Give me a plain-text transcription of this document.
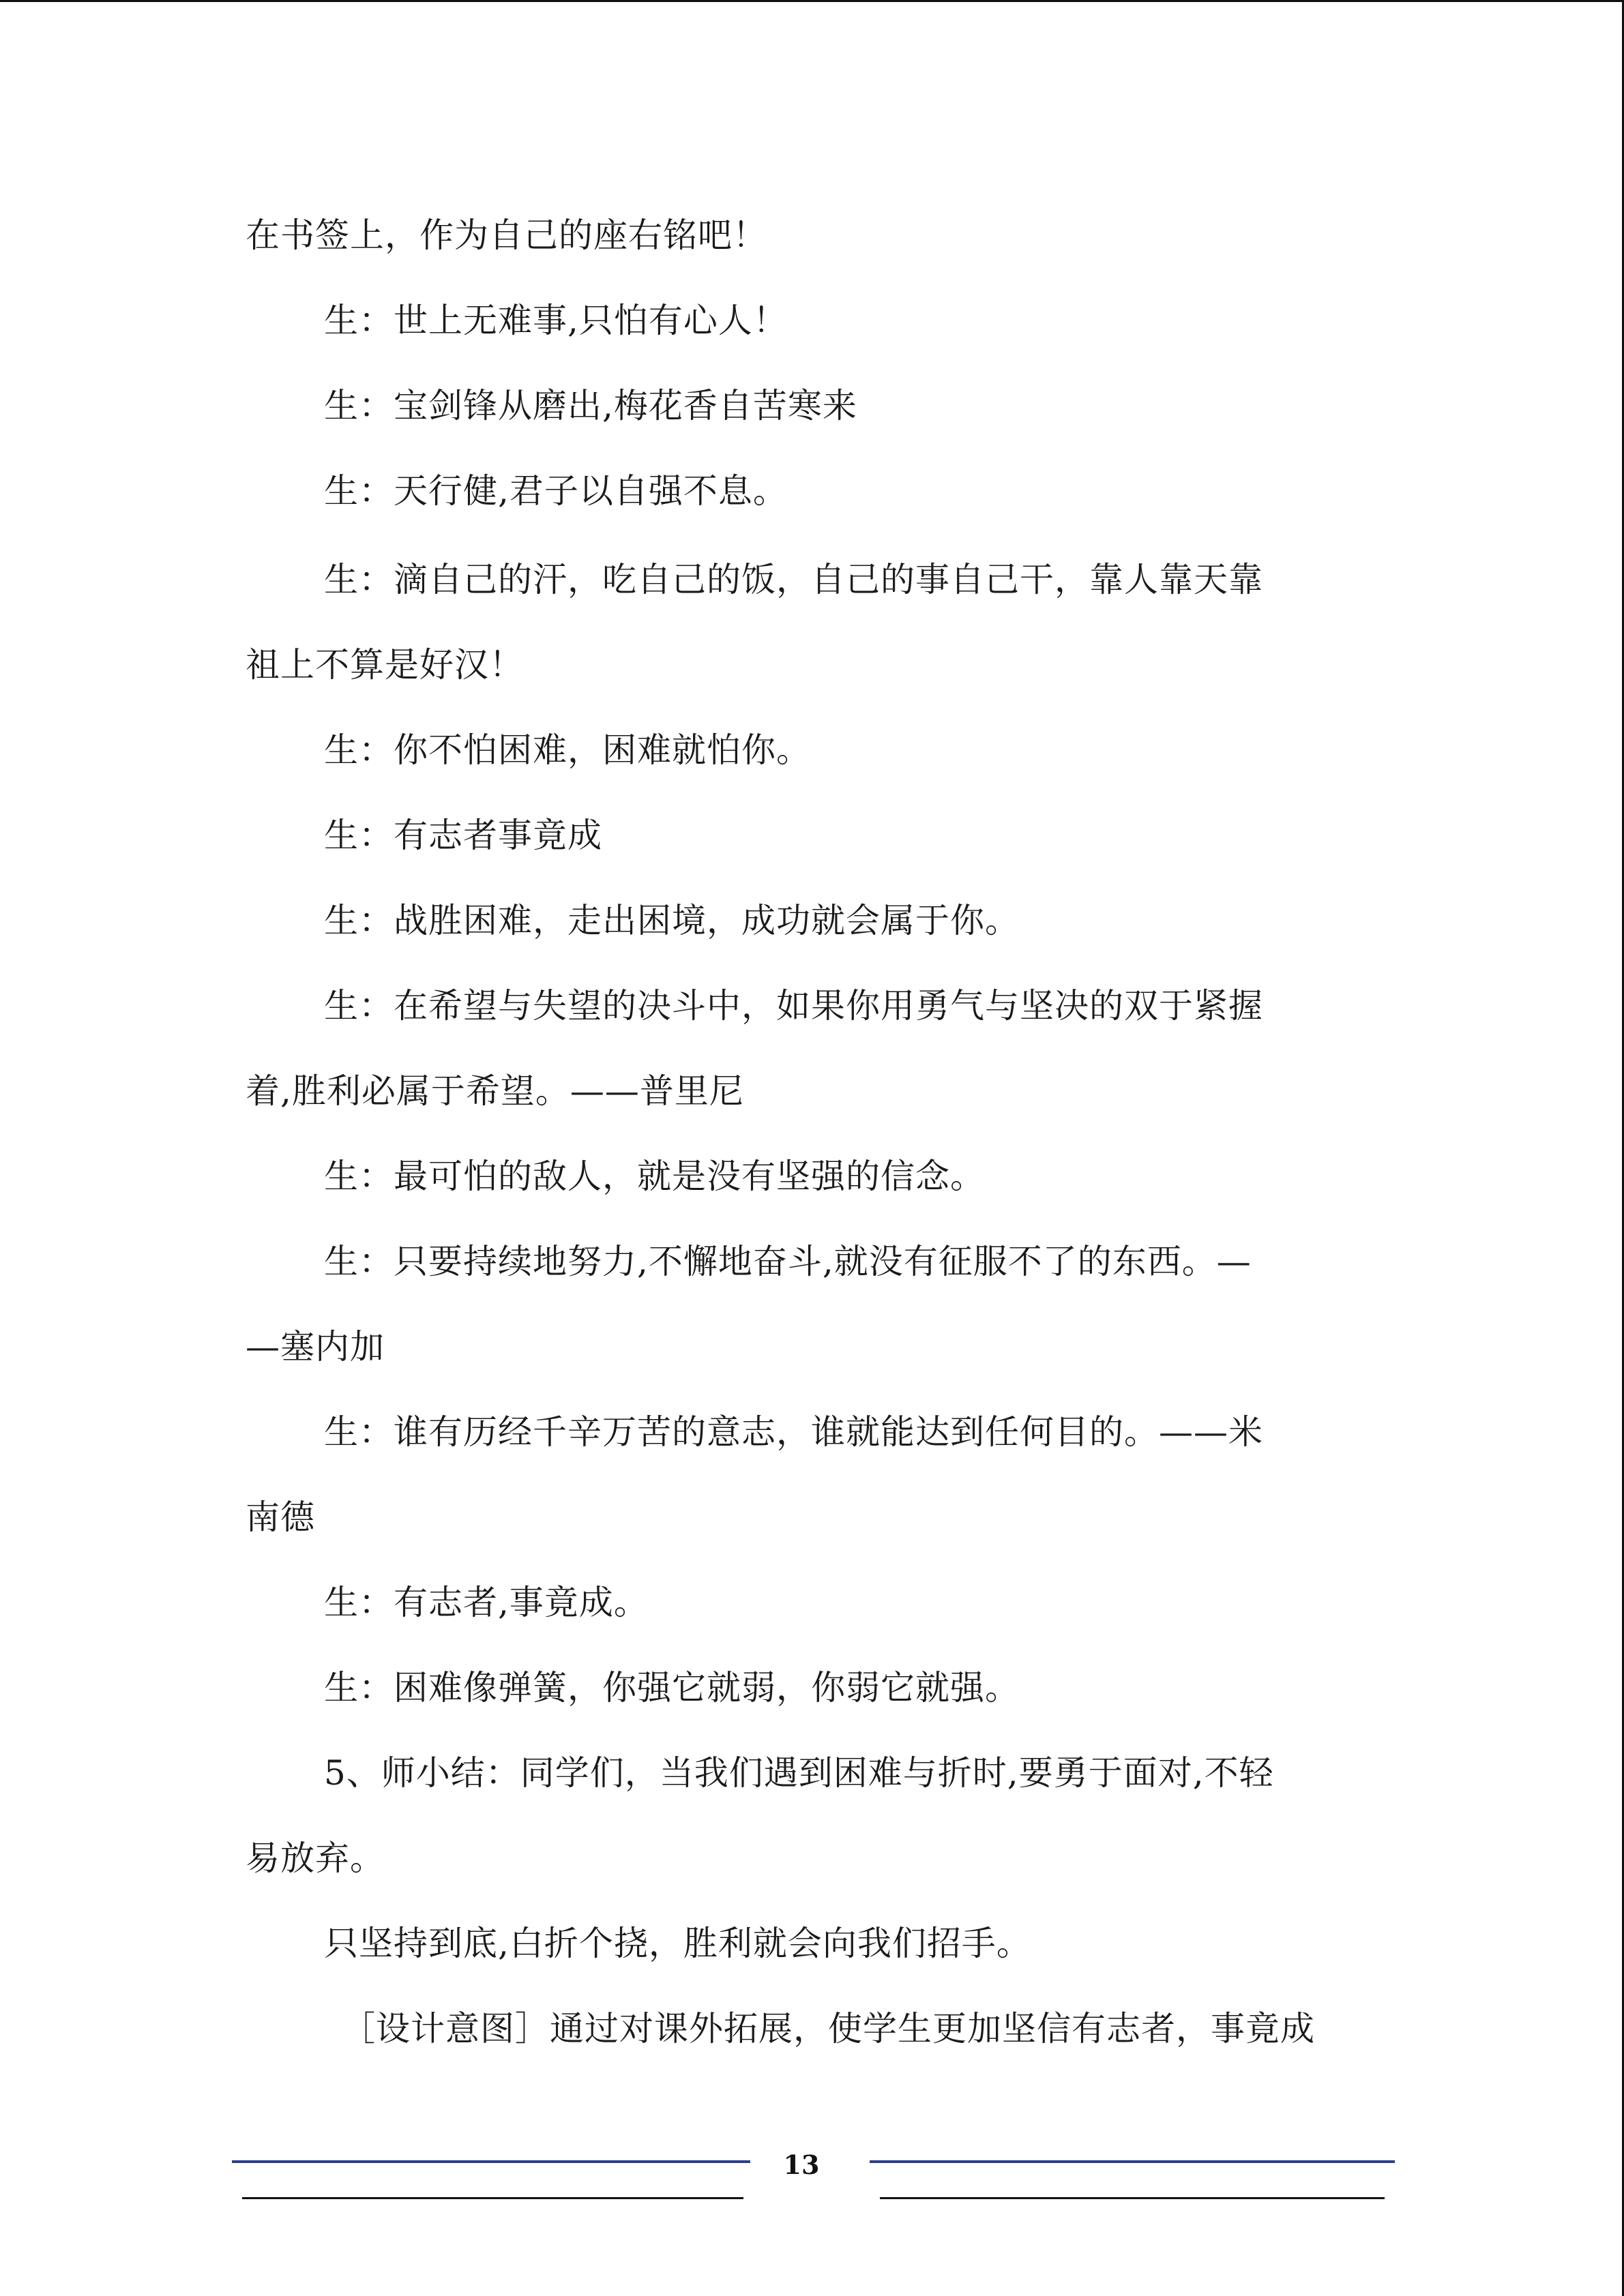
在书签上，作为自己的座右铭吧！
生：世上无难事,只怕有心人！
生：宝剑锋从磨出,梅花香自苦寒来
生：天行健,君子以自强不息。
生：滴自己的汗，吃自己的饭，自己的事自己干，靠人靠天靠
祖上不算是好汉！
生：你不怕困难，困难就怕你。
生：有志者事竟成
生：战胜困难，走出困境，成功就会属于你。
生：在希望与失望的决斗中，如果你用勇气与坚决的双于紧握
着,胜利必属于希望。——普里尼
生：最可怕的敌人，就是没有坚强的信念。
生：只要持续地努力,不懈地奋斗,就没有征服不了的东西。—
—塞内加
生：谁有历经千辛万苦的意志，谁就能达到任何目的。——米
南德
生：有志者,事竟成。
生：困难像弹簧，你强它就弱，你弱它就强。
5、师小结：同学们，当我们遇到困难与折时,要勇于面对,不轻
易放弃。
只坚持到底,白折个挠，胜利就会向我们招手。
［设计意图］通过对课外拓展，使学生更加坚信有志者，事竟成
13
